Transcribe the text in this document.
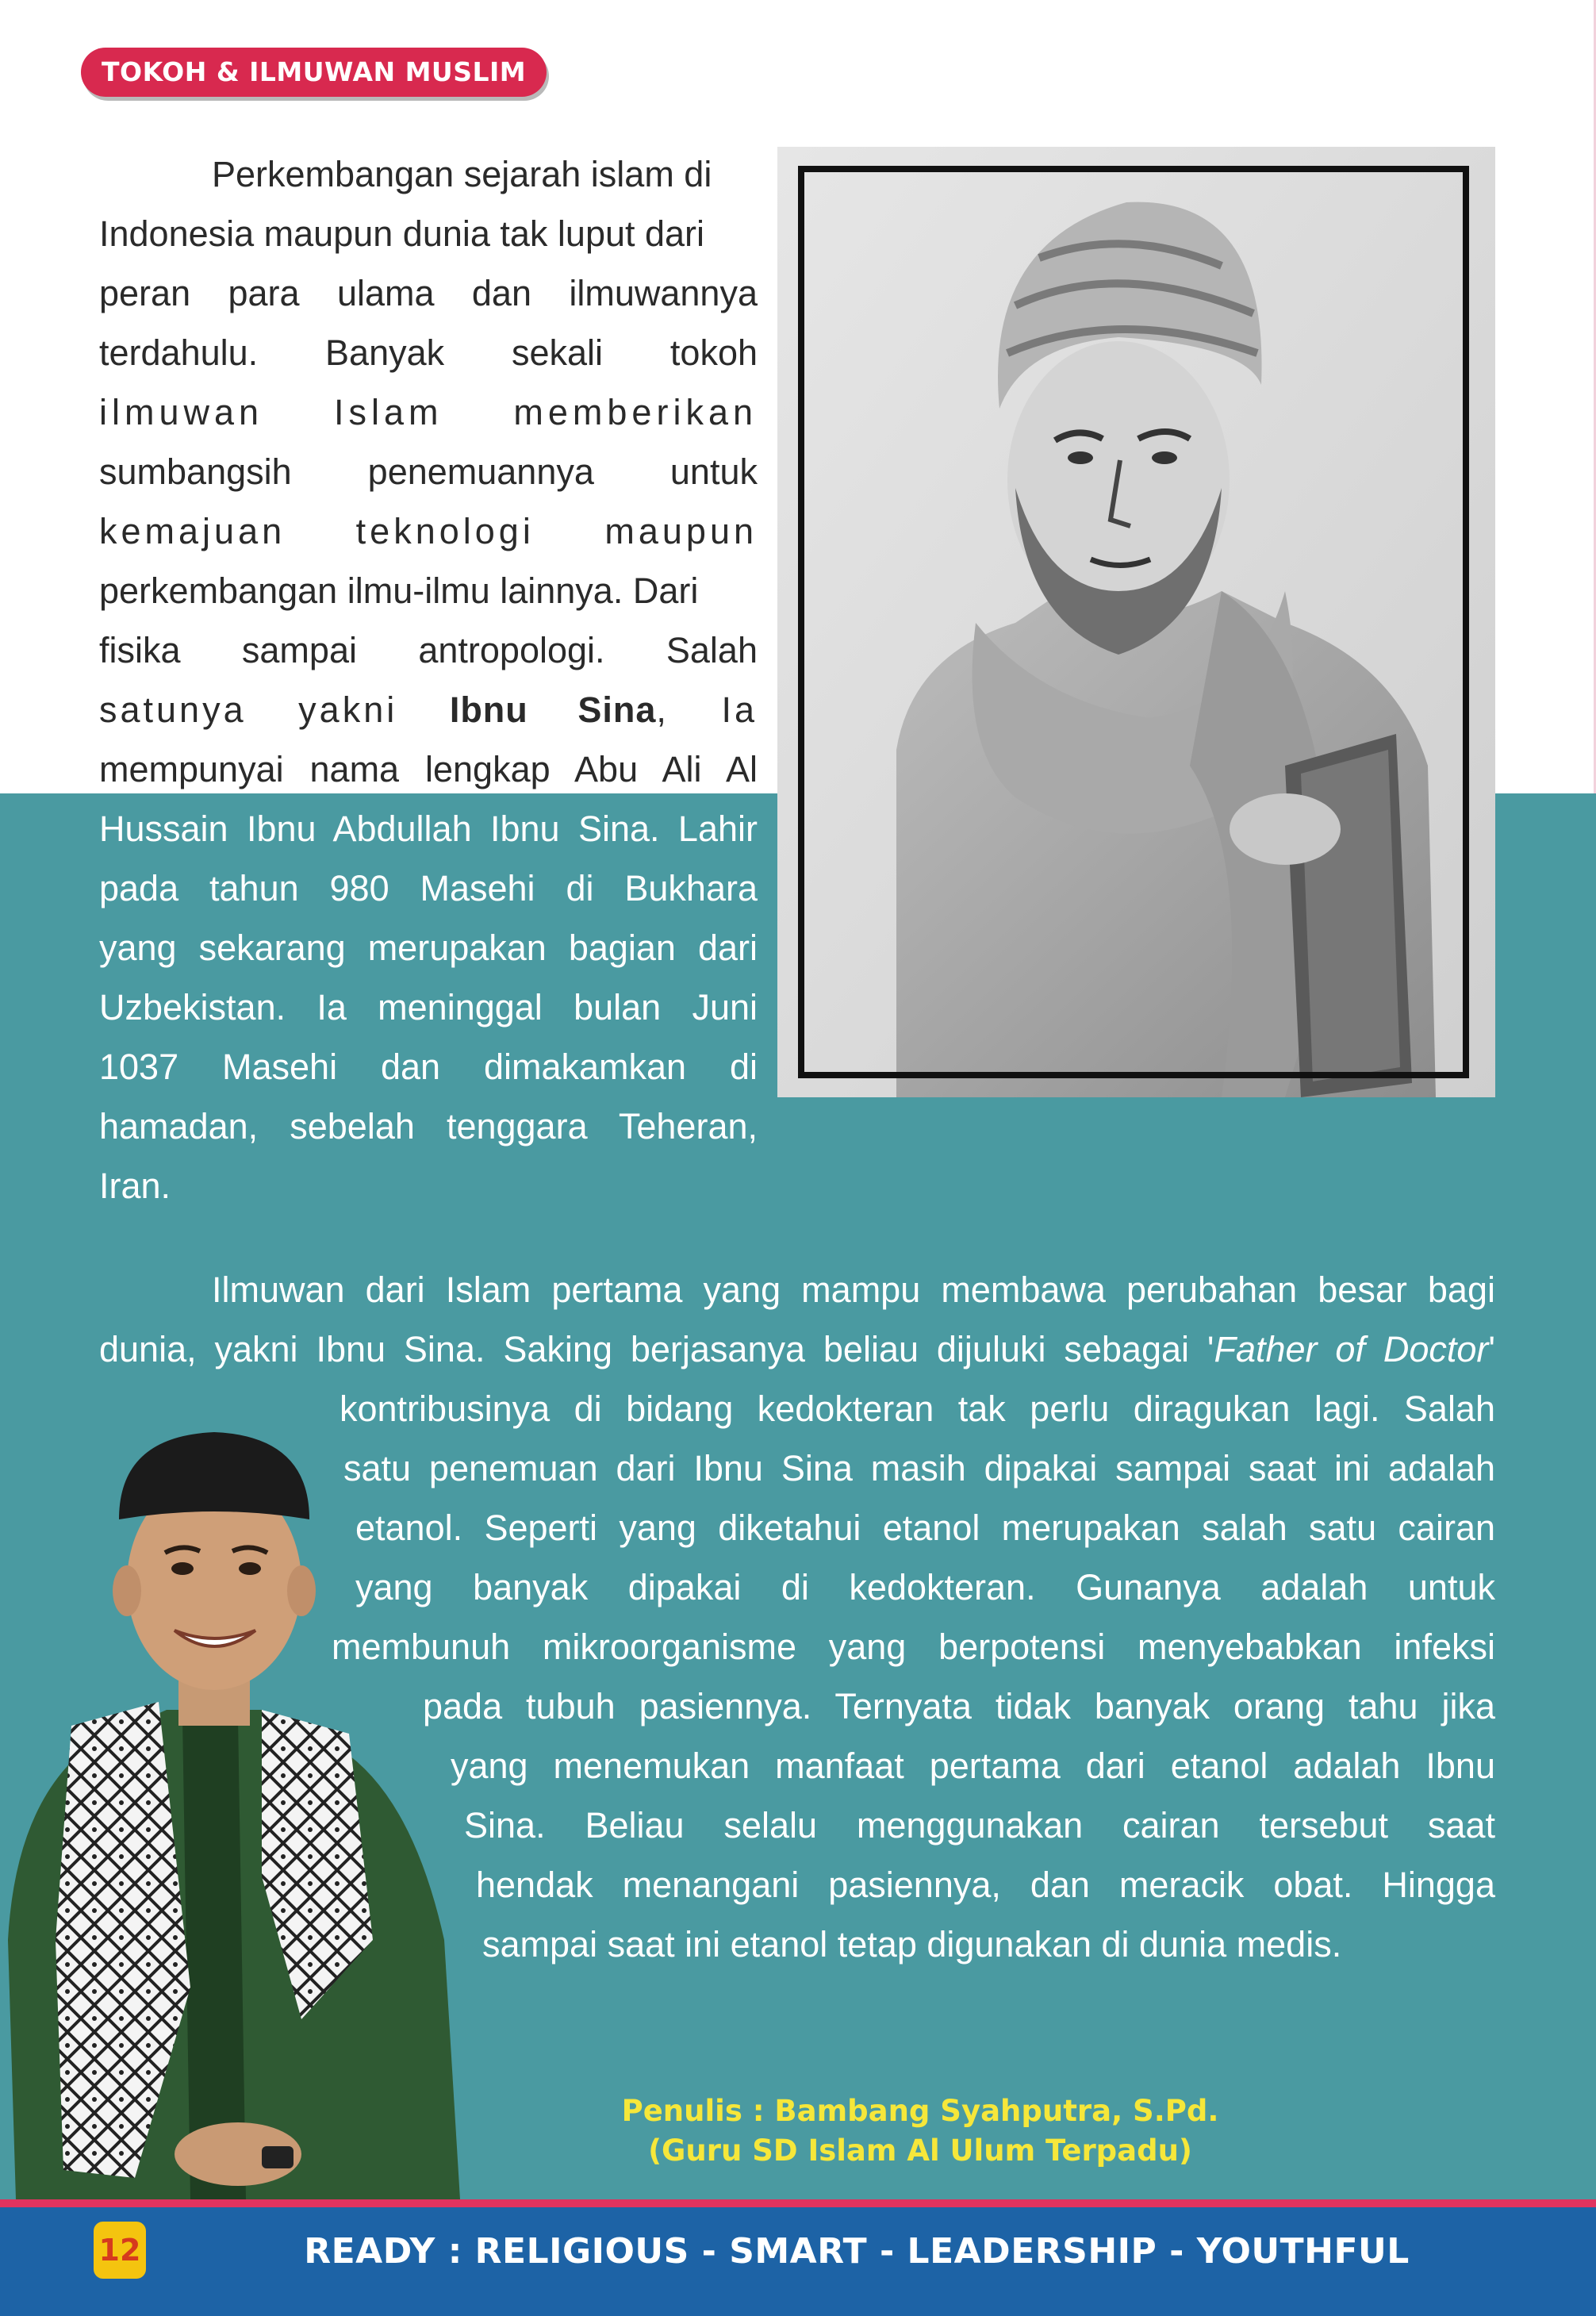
TOKOH & ILMUWAN MUSLIM
Perkembangan sejarah islam di
Indonesia maupun dunia tak luput dari
peran para ulama dan ilmuwannya
terdahulu. Banyak sekali tokoh
ilmuwan Islam memberikan
sumbangsih penemuannya untuk
kemajuan teknologi maupun
perkembangan ilmu-ilmu lainnya. Dari
fisika sampai antropologi. Salah
satunya yakni Ibnu Sina, Ia
mempunyai nama lengkap Abu Ali Al
Hussain Ibnu Abdullah Ibnu Sina. Lahir
pada tahun 980 Masehi di Bukhara
yang sekarang merupakan bagian dari
Uzbekistan. Ia meninggal bulan Juni
1037 Masehi dan dimakamkan di
hamadan, sebelah tenggara Teheran,
Iran.
Ilmuwan dari Islam pertama yang mampu membawa perubahan besar bagi
dunia, yakni Ibnu Sina. Saking berjasanya beliau dijuluki sebagai 'Father of Doctor'
kontribusinya di bidang kedokteran tak perlu diragukan lagi. Salah
satu penemuan dari Ibnu Sina masih dipakai sampai saat ini adalah
etanol. Seperti yang diketahui etanol merupakan salah satu cairan
yang banyak dipakai di kedokteran. Gunanya adalah untuk
membunuh mikroorganisme yang berpotensi menyebabkan infeksi
pada tubuh pasiennya. Ternyata tidak banyak orang tahu jika
yang menemukan manfaat pertama dari etanol adalah Ibnu
Sina. Beliau selalu menggunakan cairan tersebut saat
hendak menangani pasiennya, dan meracik obat. Hingga
sampai saat ini etanol tetap digunakan di dunia medis.
Penulis : Bambang Syahputra, S.Pd.
(Guru SD Islam Al Ulum Terpadu)
12	READY : RELIGIOUS - SMART - LEADERSHIP - YOUTHFUL
